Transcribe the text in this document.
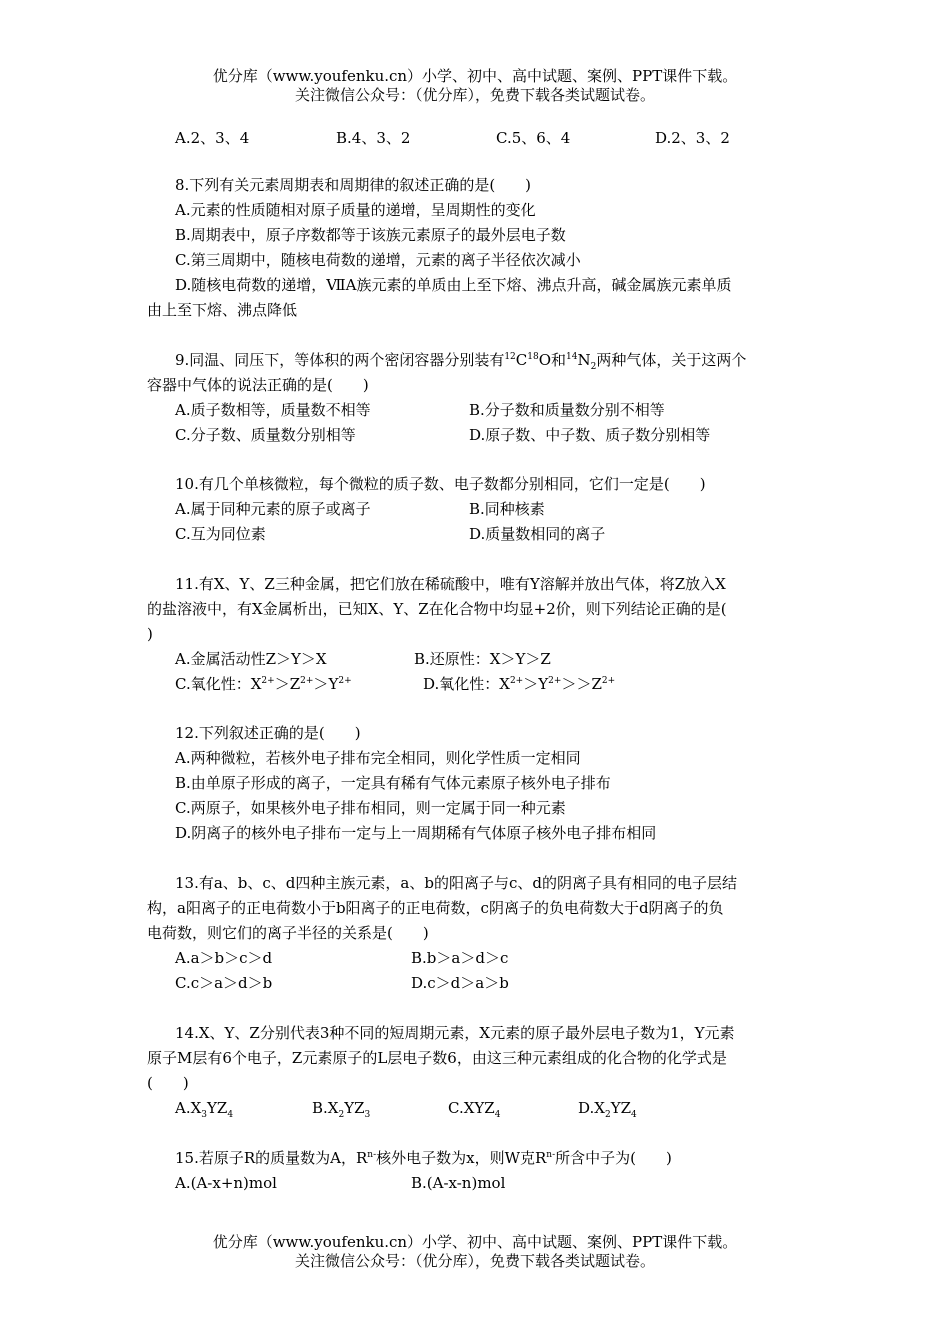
优分库（www.youfenku.cn）小学、初中、高中试题、案例、PPT课件下载。
关注微信公众号：（优分库），免费下载各类试题试卷。
A.2、3、4	B.4、3、2	C.5、6、4	D.2、3、2
8.下列有关元素周期表和周期律的叙述正确的是(　　)
A.元素的性质随相对原子质量的递增，呈周期性的变化
B.周期表中，原子序数都等于该族元素原子的最外层电子数
C.第三周期中，随核电荷数的递增，元素的离子半径依次减小
D.随核电荷数的递增，ⅦA族元素的单质由上至下熔、沸点升高，碱金属族元素单质
由上至下熔、沸点降低
9.同温、同压下，等体积的两个密闭容器分别装有$^{12}C^{18}O$和$^{14}N_2$两种气体，关于这两个
容器中气体的说法正确的是(　　)
A.质子数相等，质量数不相等	B.分子数和质量数分别不相等
C.分子数、质量数分别相等	D.原子数、中子数、质子数分别相等
10.有几个单核微粒，每个微粒的质子数、电子数都分别相同，它们一定是(　　)
A.属于同种元素的原子或离子	B.同种核素
C.互为同位素	D.质量数相同的离子
11.有X、Y、Z三种金属，把它们放在稀硫酸中，唯有Y溶解并放出气体，将Z放入X
的盐溶液中，有X金属析出，已知X、Y、Z在化合物中均显+2价，则下列结论正确的是(
)
A.金属活动性Z＞Y＞X	B.还原性：X＞Y＞Z
C.氧化性：$X^{2+}>Z^{2+}>Y^{2+}$	D.氧化性：$X^{2+}>Y^{2+}>>Z^{2+}$
12.下列叙述正确的是(　　)
A.两种微粒，若核外电子排布完全相同，则化学性质一定相同
B.由单原子形成的离子，一定具有稀有气体元素原子核外电子排布
C.两原子，如果核外电子排布相同，则一定属于同一种元素
D.阴离子的核外电子排布一定与上一周期稀有气体原子核外电子排布相同
13.有a、b、c、d四种主族元素，a、b的阳离子与c、d的阴离子具有相同的电子层结
构，a阳离子的正电荷数小于b阳离子的正电荷数，c阴离子的负电荷数大于d阴离子的负
电荷数，则它们的离子半径的关系是(　　)
A.a＞b＞c＞d	B.b＞a＞d＞c
C.c＞a＞d＞b	D.c＞d＞a＞b
14.X、Y、Z分别代表3种不同的短周期元素，X元素的原子最外层电子数为1，Y元素
原子M层有6个电子，Z元素原子的L层电子数6，由这三种元素组成的化合物的化学式是
(　　)
$A.X_3YZ_4$	$B.X_2YZ_3$	$C.XYZ_4$	$D.X_2YZ_4$
15.若原子R的质量数为A，$R^{n-}$核外电子数为x，则W克$R^{n-}$所含中子为(　　)
A.(A-x+n)mol	B.(A-x-n)mol
优分库（www.youfenku.cn）小学、初中、高中试题、案例、PPT课件下载。
关注微信公众号：（优分库），免费下载各类试题试卷。
